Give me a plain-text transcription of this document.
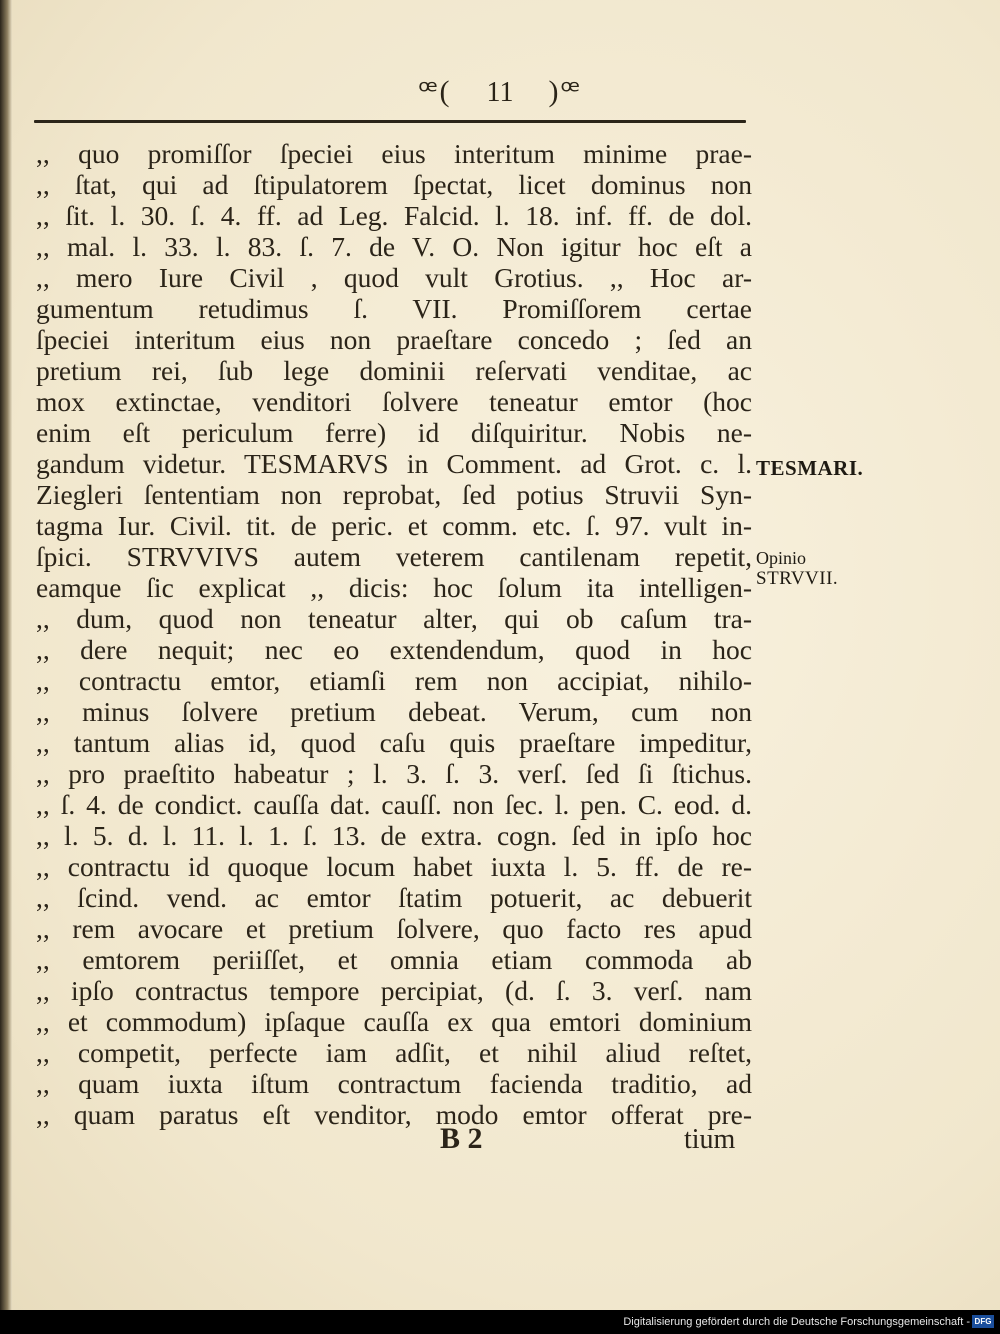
ꟹ( 11 )ꟹ
,, quo promiſſor ſpeciei eius interitum minime prae-
,, ſtat, qui ad ſtipulatorem ſpectat, licet dominus non
,, ſit. l. 30. ſ. 4. ff. ad Leg. Falcid. l. 18. inf. ff. de dol.
,, mal. l. 33. l. 83. ſ. 7. de V. O. Non igitur hoc eſt a
,, mero Iure Civil , quod vult Grotius. ,, Hoc ar-
gumentum retudimus ſ. VII. Promiſſorem certae
ſpeciei interitum eius non praeſtare concedo ; ſed an
pretium rei, ſub lege dominii reſervati venditae, ac
mox extinctae, venditori ſolvere teneatur emtor (hoc
enim eſt periculum ferre) id diſquiritur. Nobis ne-
gandum videtur. TESMARVS in Comment. ad Grot. c. l.
Ziegleri ſententiam non reprobat, ſed potius Struvii Syn-
tagma Iur. Civil. tit. de peric. et comm. etc. ſ. 97. vult in-
ſpici. STRVVIVS autem veterem cantilenam repetit,
eamque ſic explicat ,, dicis: hoc ſolum ita intelligen-
,, dum, quod non teneatur alter, qui ob caſum tra-
,, dere nequit; nec eo extendendum, quod in hoc
,, contractu emtor, etiamſi rem non accipiat, nihilo-
,, minus ſolvere pretium debeat. Verum, cum non
,, tantum alias id, quod caſu quis praeſtare impeditur,
,, pro praeſtito habeatur ; l. 3. ſ. 3. verſ. ſed ſi ſtichus.
,, ſ. 4. de condict. cauſſa dat. cauſſ. non ſec. l. pen. C. eod. d.
,, l. 5. d. l. 11. l. 1. ſ. 13. de extra. cogn. ſed in ipſo hoc
,, contractu id quoque locum habet iuxta l. 5. ff. de re-
,, ſcind. vend. ac emtor ſtatim potuerit, ac debuerit
,, rem avocare et pretium ſolvere, quo facto res apud
,, emtorem periiſſet, et omnia etiam commoda ab
,, ipſo contractus tempore percipiat, (d. ſ. 3. verſ. nam
,, et commodum) ipſaque cauſſa ex qua emtori dominium
,, competit, perfecte iam adſit, et nihil aliud reſtet,
,, quam iuxta iſtum contractum facienda traditio, ad
,, quam paratus eſt venditor, modo emtor offerat pre-
TESMARI.
Opinio
STRVVII.
B 2	tium
Digitalisierung gefördert durch die Deutsche Forschungsgemeinschaft - DFG
